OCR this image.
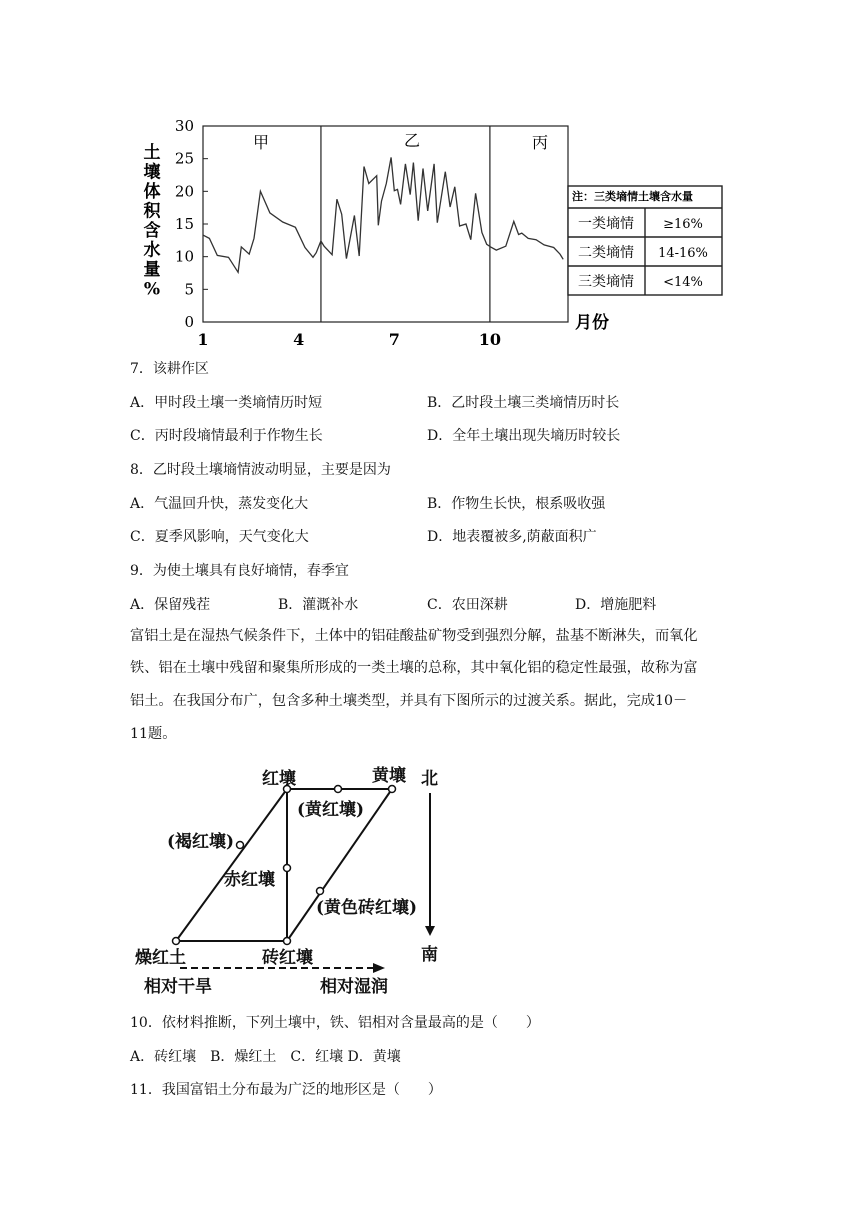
土
壤
体
积
含
水
量
%
30
25
20
15
10
5
0
甲	乙	丙
1	4	7	10
月份
注：三类墒情土壤含水量
一类墒情 ≥16%
二类墒情 14-16%
三类墒情 <14%
7．该耕作区
A．甲时段土壤一类墒情历时短	B．乙时段土壤三类墒情历时长
C．丙时段墒情最利于作物生长	D．全年土壤出现失墒历时较长
8．乙时段土壤墒情波动明显，主要是因为
A．气温回升快，蒸发变化大	B．作物生长快，根系吸收强
C．夏季风影响，天气变化大	D．地表覆被多,荫蔽面积广
9．为使土壤具有良好墒情，春季宜
A．保留残茬	B．灌溉补水	C．农田深耕	D．增施肥料
富铝土是在湿热气候条件下，土体中的铝硅酸盐矿物受到强烈分解，盐基不断淋失，而氧化
铁、铝在土壤中残留和聚集所形成的一类土壤的总称，其中氧化铝的稳定性最强，故称为富
铝土。在我国分布广，包含多种土壤类型，并具有下图所示的过渡关系。据此，完成10－
11题。
红壤	黄壤
(黄红壤)
(褐红壤)
赤红壤
(黄色砖红壤)
燥红土	砖红壤
北
南
相对干旱	相对湿润
10．依材料推断，下列土壤中，铁、铝相对含量最高的是（　　）
A．砖红壤　B．燥红土　C．红壤 D．黄壤
11．我国富铝土分布最为广泛的地形区是（　　）
